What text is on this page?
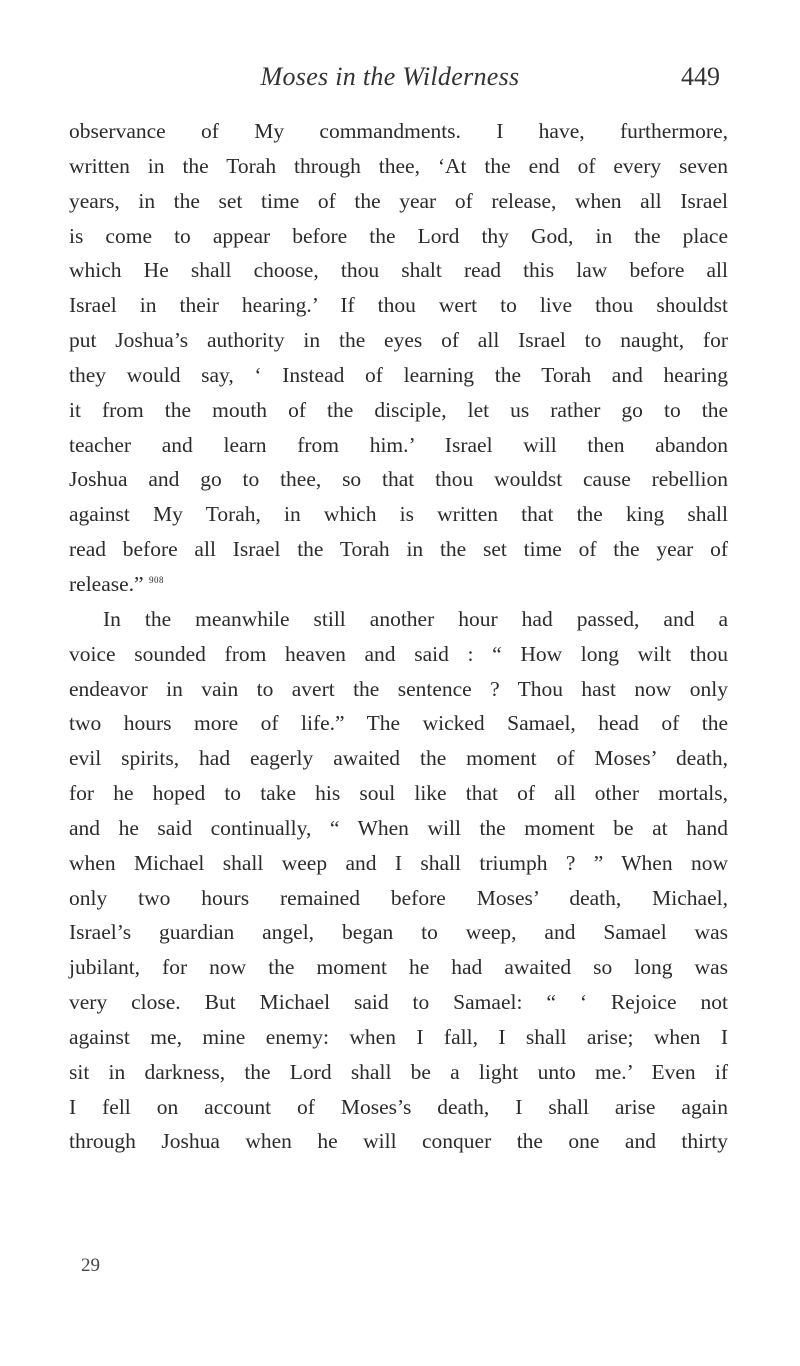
Moses in the Wilderness	449
observance of My commandments. I have, furthermore,
written in the Torah through thee, ‘At the end of every seven
years, in the set time of the year of release, when all Israel
is come to appear before the Lord thy God, in the place
which He shall choose, thou shalt read this law before all
Israel in their hearing.’ If thou wert to live thou shouldst
put Joshua’s authority in the eyes of all Israel to naught, for
they would say, ‘ Instead of learning the Torah and hearing
it from the mouth of the disciple, let us rather go to the
teacher and learn from him.’ Israel will then abandon
Joshua and go to thee, so that thou wouldst cause rebellion
against My Torah, in which is written that the king shall
read before all Israel the Torah in the set time of the year of
release.” $^{908}$
In the meanwhile still another hour had passed, and a
voice sounded from heaven and said : “ How long wilt thou
endeavor in vain to avert the sentence ? Thou hast now only
two hours more of life.” The wicked Samael, head of the
evil spirits, had eagerly awaited the moment of Moses’ death,
for he hoped to take his soul like that of all other mortals,
and he said continually, “ When will the moment be at hand
when Michael shall weep and I shall triumph ? ” When now
only two hours remained before Moses’ death, Michael,
Israel’s guardian angel, began to weep, and Samael was
jubilant, for now the moment he had awaited so long was
very close. But Michael said to Samael: “ ‘ Rejoice not
against me, mine enemy: when I fall, I shall arise; when I
sit in darkness, the Lord shall be a light unto me.’ Even if
I fell on account of Moses’s death, I shall arise again
through Joshua when he will conquer the one and thirty
29
